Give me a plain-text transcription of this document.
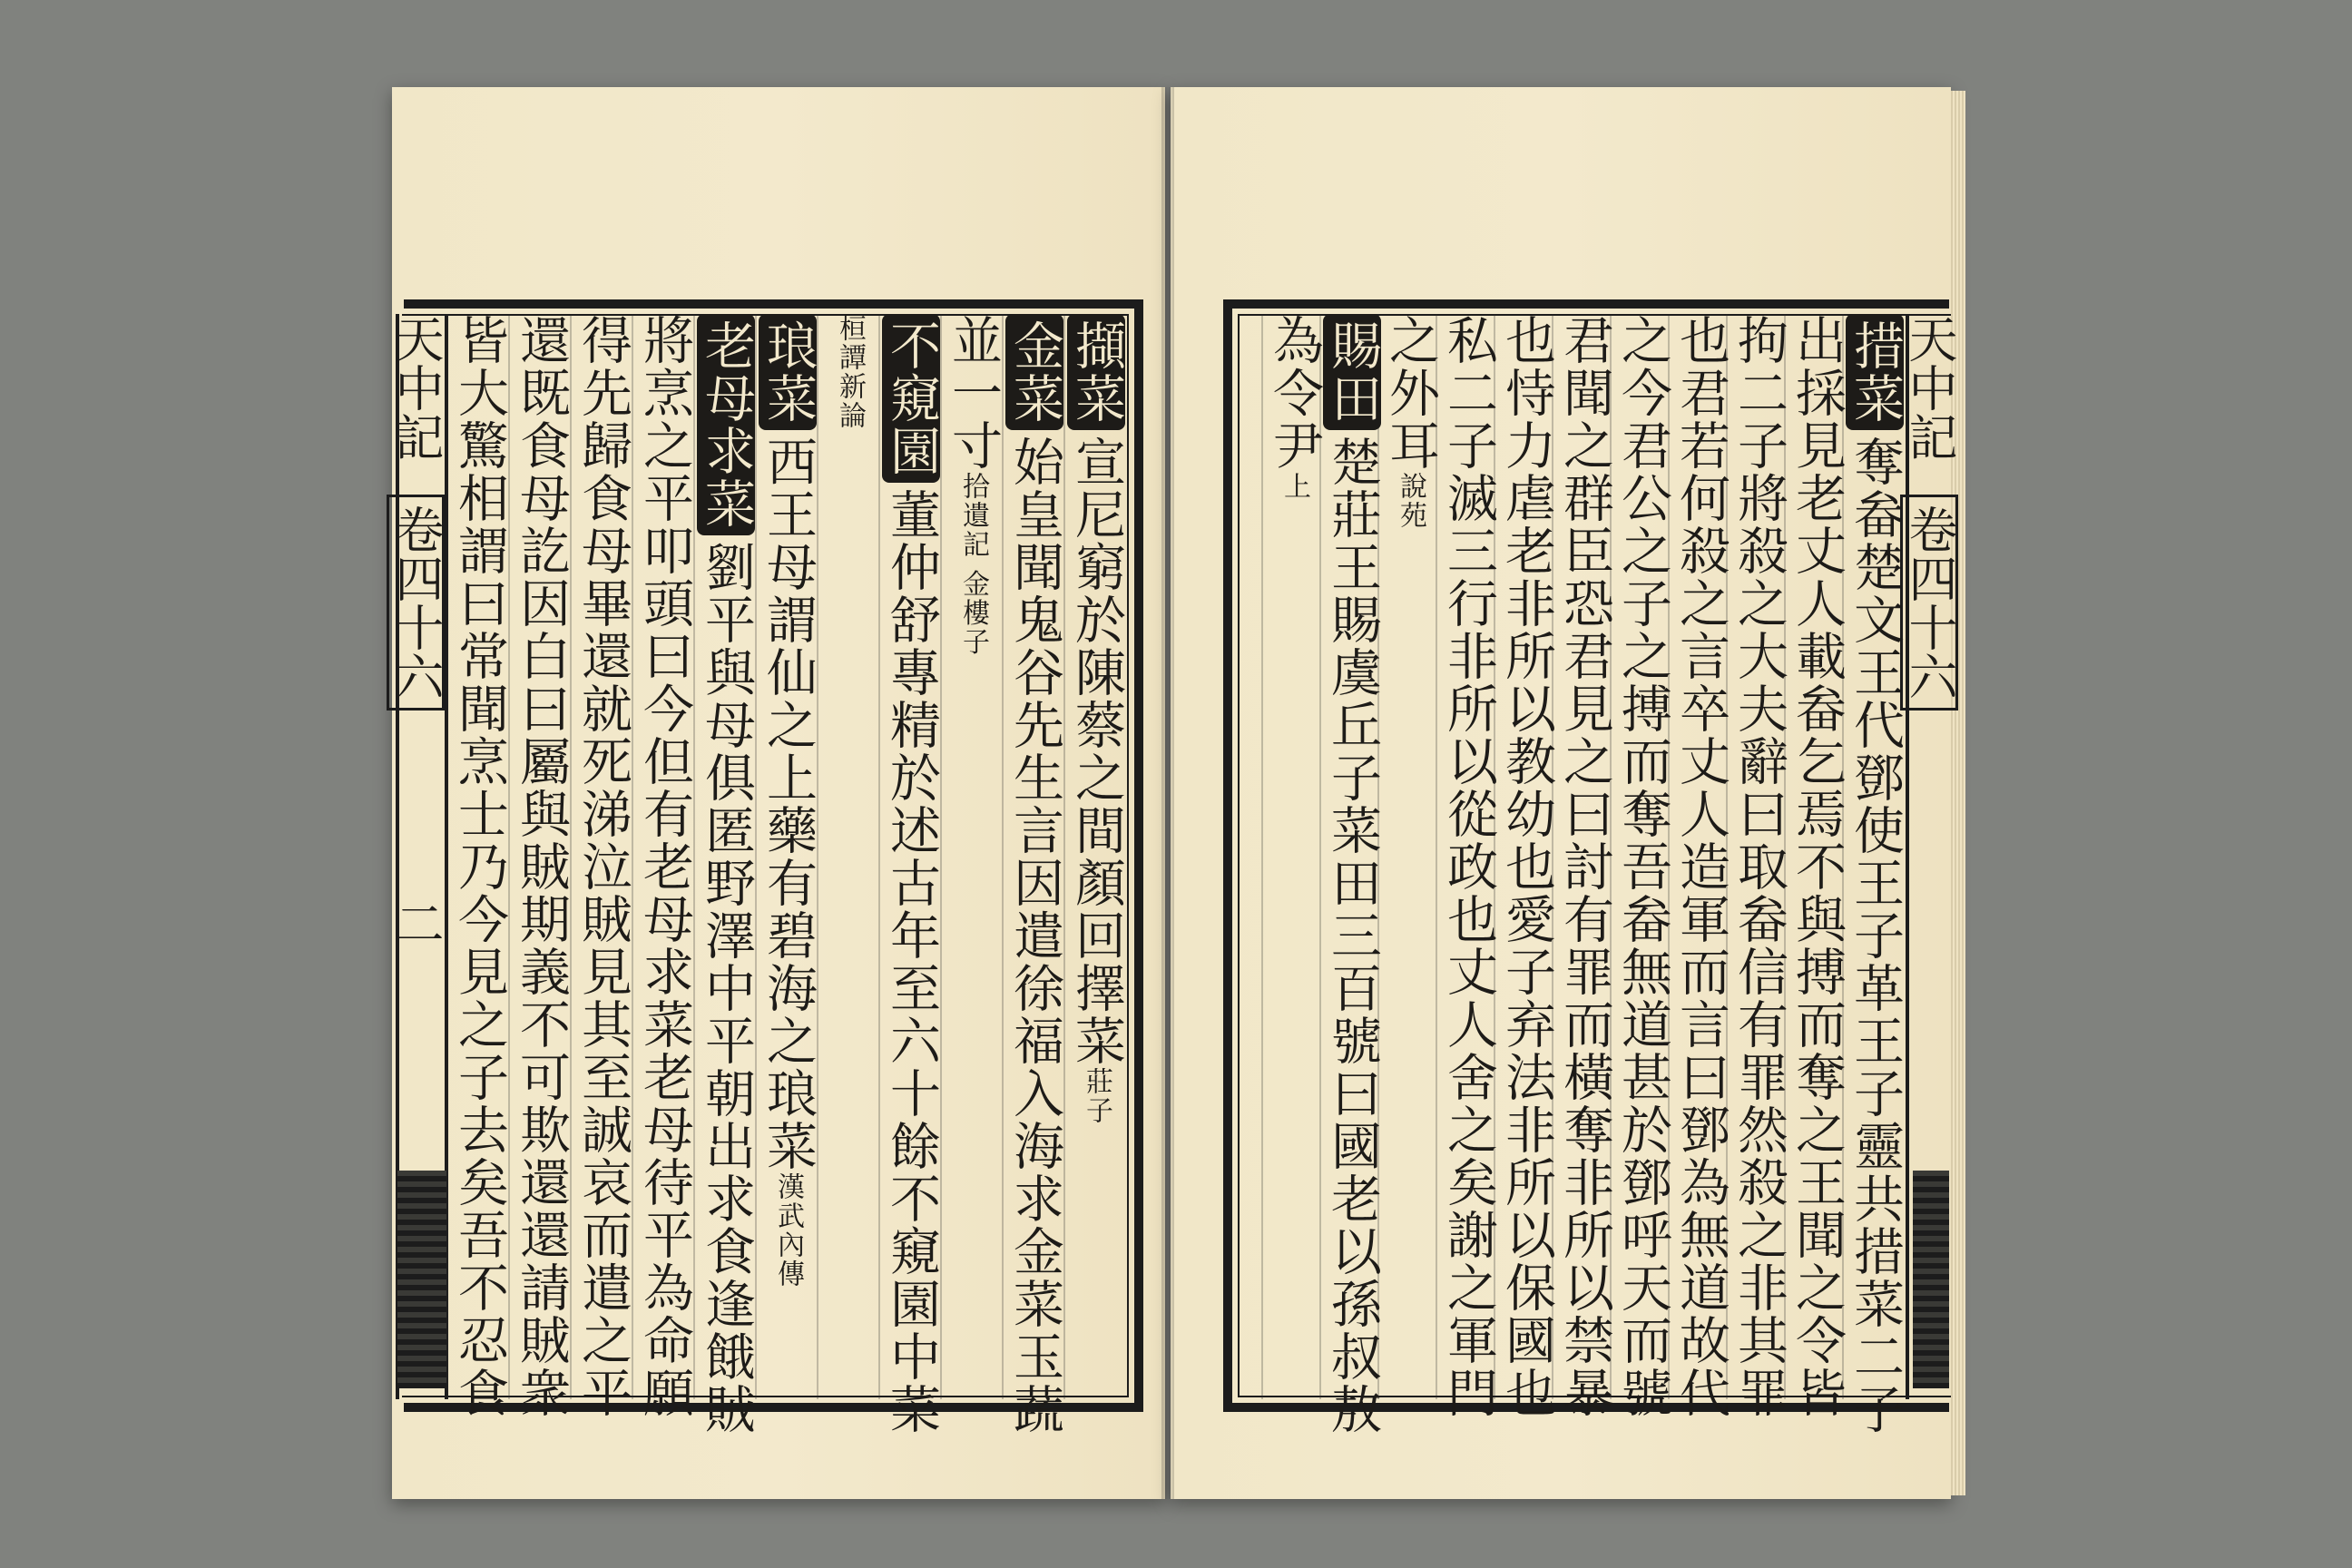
天中記 卷四十六 二
擷菜宣尼窮於陳蔡之間顏回擇菜莊子
金菜始皇聞鬼谷先生言因遣徐福入海求金菜玉蔬
並一寸拾遺記 金樓子
不窺園董仲舒專精於述古年至六十餘不窺園中菜
桓譚新論
琅菜西王母謂仙之上藥有碧海之琅菜漢武內傳
老母求菜劉平與母俱匿野澤中平朝出求食逢餓賊
將烹之平叩頭曰今但有老母求菜老母待平為命願
得先歸食母畢還就死涕泣賊見其至誠哀而遣之平
還既食母訖因白曰屬與賊期義不可欺還還請賊衆
皆大驚相謂曰常聞烹士乃今見之子去矣吾不忍食	措菜奪畚楚文王代鄧使王子革王子靈共措菜二子
出採見老丈人載畚乞焉不與搏而奪之王聞之令皆
拘二子將殺之大夫辭曰取畚信有罪然殺之非其罪
也君若何殺之言卒丈人造軍而言曰鄧為無道故代
之今君公之子之搏而奪吾畚無道甚於鄧呼天而號
君聞之群臣恐君見之曰討有罪而橫奪非所以禁暴
也恃力虐老非所以教幼也愛子弃法非所以保國也
私二子滅三行非所以從政也丈人舍之矣謝之軍門
之外耳說苑
賜田楚莊王賜虞丘子菜田三百號曰國老以孫叔敖
為令尹上
天中記 卷四十六
